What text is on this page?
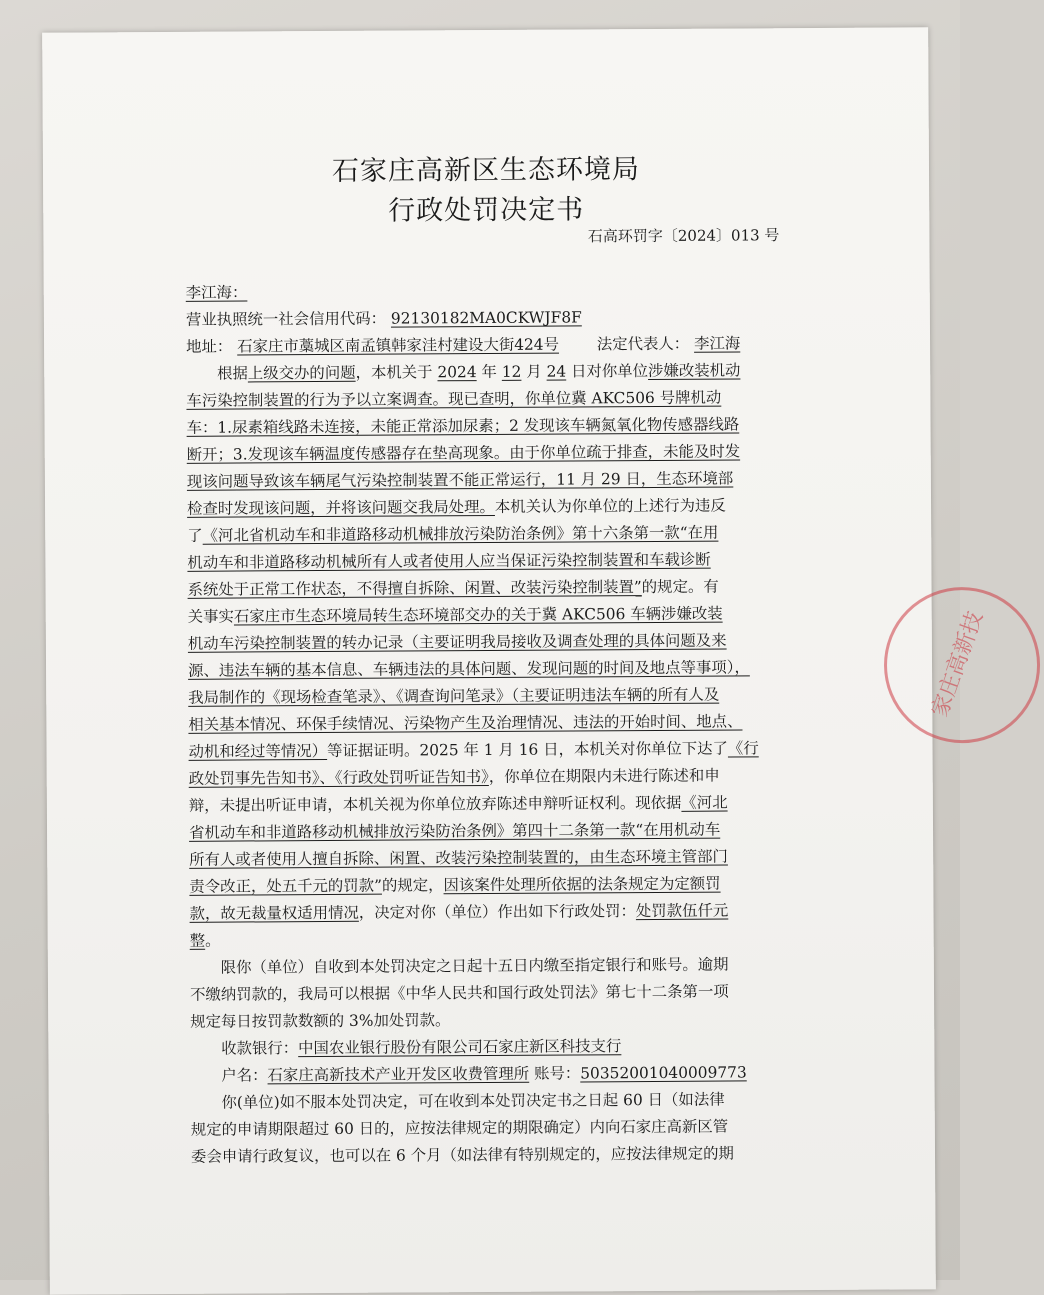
石家庄高新区生态环境局
行政处罚决定书
石高环罚字〔2024〕013 号
李江海：
营业执照统一社会信用代码： 92130182MA0CKWJF8F
地址： 石家庄市藁城区南孟镇韩家洼村建设大街424号 法定代表人： 李江海
根据上级交办的问题，本机关于 2024 年 12 月 24 日对你单位涉嫌改装机动
车污染控制装置的行为予以立案调查。现已查明，你单位冀 AKC506 号牌机动
车：1.尿素箱线路未连接，未能正常添加尿素；2 发现该车辆氮氧化物传感器线路
断开；3.发现该车辆温度传感器存在垫高现象。由于你单位疏于排查，未能及时发
现该问题导致该车辆尾气污染控制装置不能正常运行，11 月 29 日，生态环境部
检查时发现该问题，并将该问题交我局处理。本机关认为你单位的上述行为违反
了《河北省机动车和非道路移动机械排放污染防治条例》第十六条第一款“在用
机动车和非道路移动机械所有人或者使用人应当保证污染控制装置和车载诊断
系统处于正常工作状态，不得擅自拆除、闲置、改装污染控制装置”的规定。有
关事实石家庄市生态环境局转生态环境部交办的关于冀 AKC506 车辆涉嫌改装
机动车污染控制装置的转办记录（主要证明我局接收及调查处理的具体问题及来
源、违法车辆的基本信息、车辆违法的具体问题、发现问题的时间及地点等事项），
我局制作的《现场检查笔录》、《调查询问笔录》（主要证明违法车辆的所有人及
相关基本情况、环保手续情况、污染物产生及治理情况、违法的开始时间、地点、
动机和经过等情况）等证据证明。2025 年 1 月 16 日，本机关对你单位下达了《行
政处罚事先告知书》、《行政处罚听证告知书》，你单位在期限内未进行陈述和申
辩，未提出听证申请，本机关视为你单位放弃陈述申辩听证权利。现依据《河北
省机动车和非道路移动机械排放污染防治条例》第四十二条第一款“在用机动车
所有人或者使用人擅自拆除、闲置、改装污染控制装置的，由生态环境主管部门
责令改正，处五千元的罚款”的规定，因该案件处理所依据的法条规定为定额罚
款，故无裁量权适用情况，决定对你（单位）作出如下行政处罚：处罚款伍仟元
整。
限你（单位）自收到本处罚决定之日起十五日内缴至指定银行和账号。逾期
不缴纳罚款的，我局可以根据《中华人民共和国行政处罚法》第七十二条第一项
规定每日按罚款数额的 3%加处罚款。
收款银行：中国农业银行股份有限公司石家庄新区科技支行
户名：石家庄高新技术产业开发区收费管理所 账号：50352001040009773
你(单位)如不服本处罚决定，可在收到本处罚决定书之日起 60 日（如法律
规定的申请期限超过 60 日的，应按法律规定的期限确定）内向石家庄高新区管
委会申请行政复议，也可以在 6 个月（如法律有特别规定的，应按法律规定的期
家庄高新技
